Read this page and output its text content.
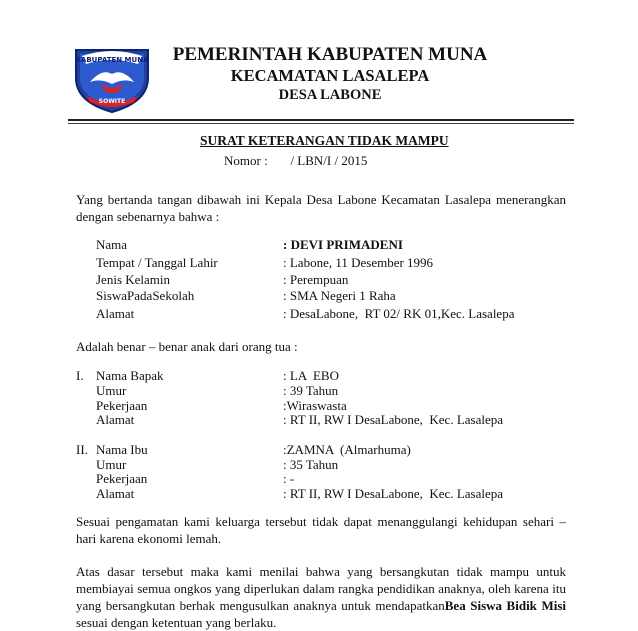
KABUPATEN MUNA
SOWITE
PEMERINTAH KABUPATEN MUNA
KECAMATAN LASALEPA
DESA LABONE
SURAT KETERANGAN TIDAK MAMPU
Nomor :       / LBN/I / 2015
Yang bertanda tangan dibawah ini Kepala Desa Labone Kecamatan Lasalepa menerangkan dengan sebenarnya bahwa :
Nama	: DEVI PRIMADENI
Tempat / Tanggal Lahir	: Labone, 11 Desember 1996
Jenis Kelamin	: Perempuan
SiswaPadaSekolah	: SMA Negeri 1 Raha
Alamat	: DesaLabone,  RT 02/ RK 01,Kec. Lasalepa
Adalah benar – benar anak dari orang tua :
I. Nama Bapak	: LA  EBO
Umur	: 39 Tahun
Pekerjaan	:Wiraswasta
Alamat	: RT II, RW I DesaLabone,  Kec. Lasalepa
II. Nama Ibu	:ZAMNA  (Almarhuma)
Umur	: 35 Tahun
Pekerjaan	: -
Alamat	: RT II, RW I DesaLabone,  Kec. Lasalepa
Sesuai pengamatan kami keluarga tersebut tidak dapat menanggulangi kehidupan sehari – hari karena ekonomi lemah.
Atas dasar tersebut maka kami menilai bahwa yang bersangkutan tidak mampu untuk membiayai semua ongkos yang diperlukan dalam rangka pendidikan anaknya, oleh karena itu yang bersangkutan berhak mengusulkan anaknya untuk mendapatkanBea Siswa Bidik Misi sesuai dengan ketentuan yang berlaku.
